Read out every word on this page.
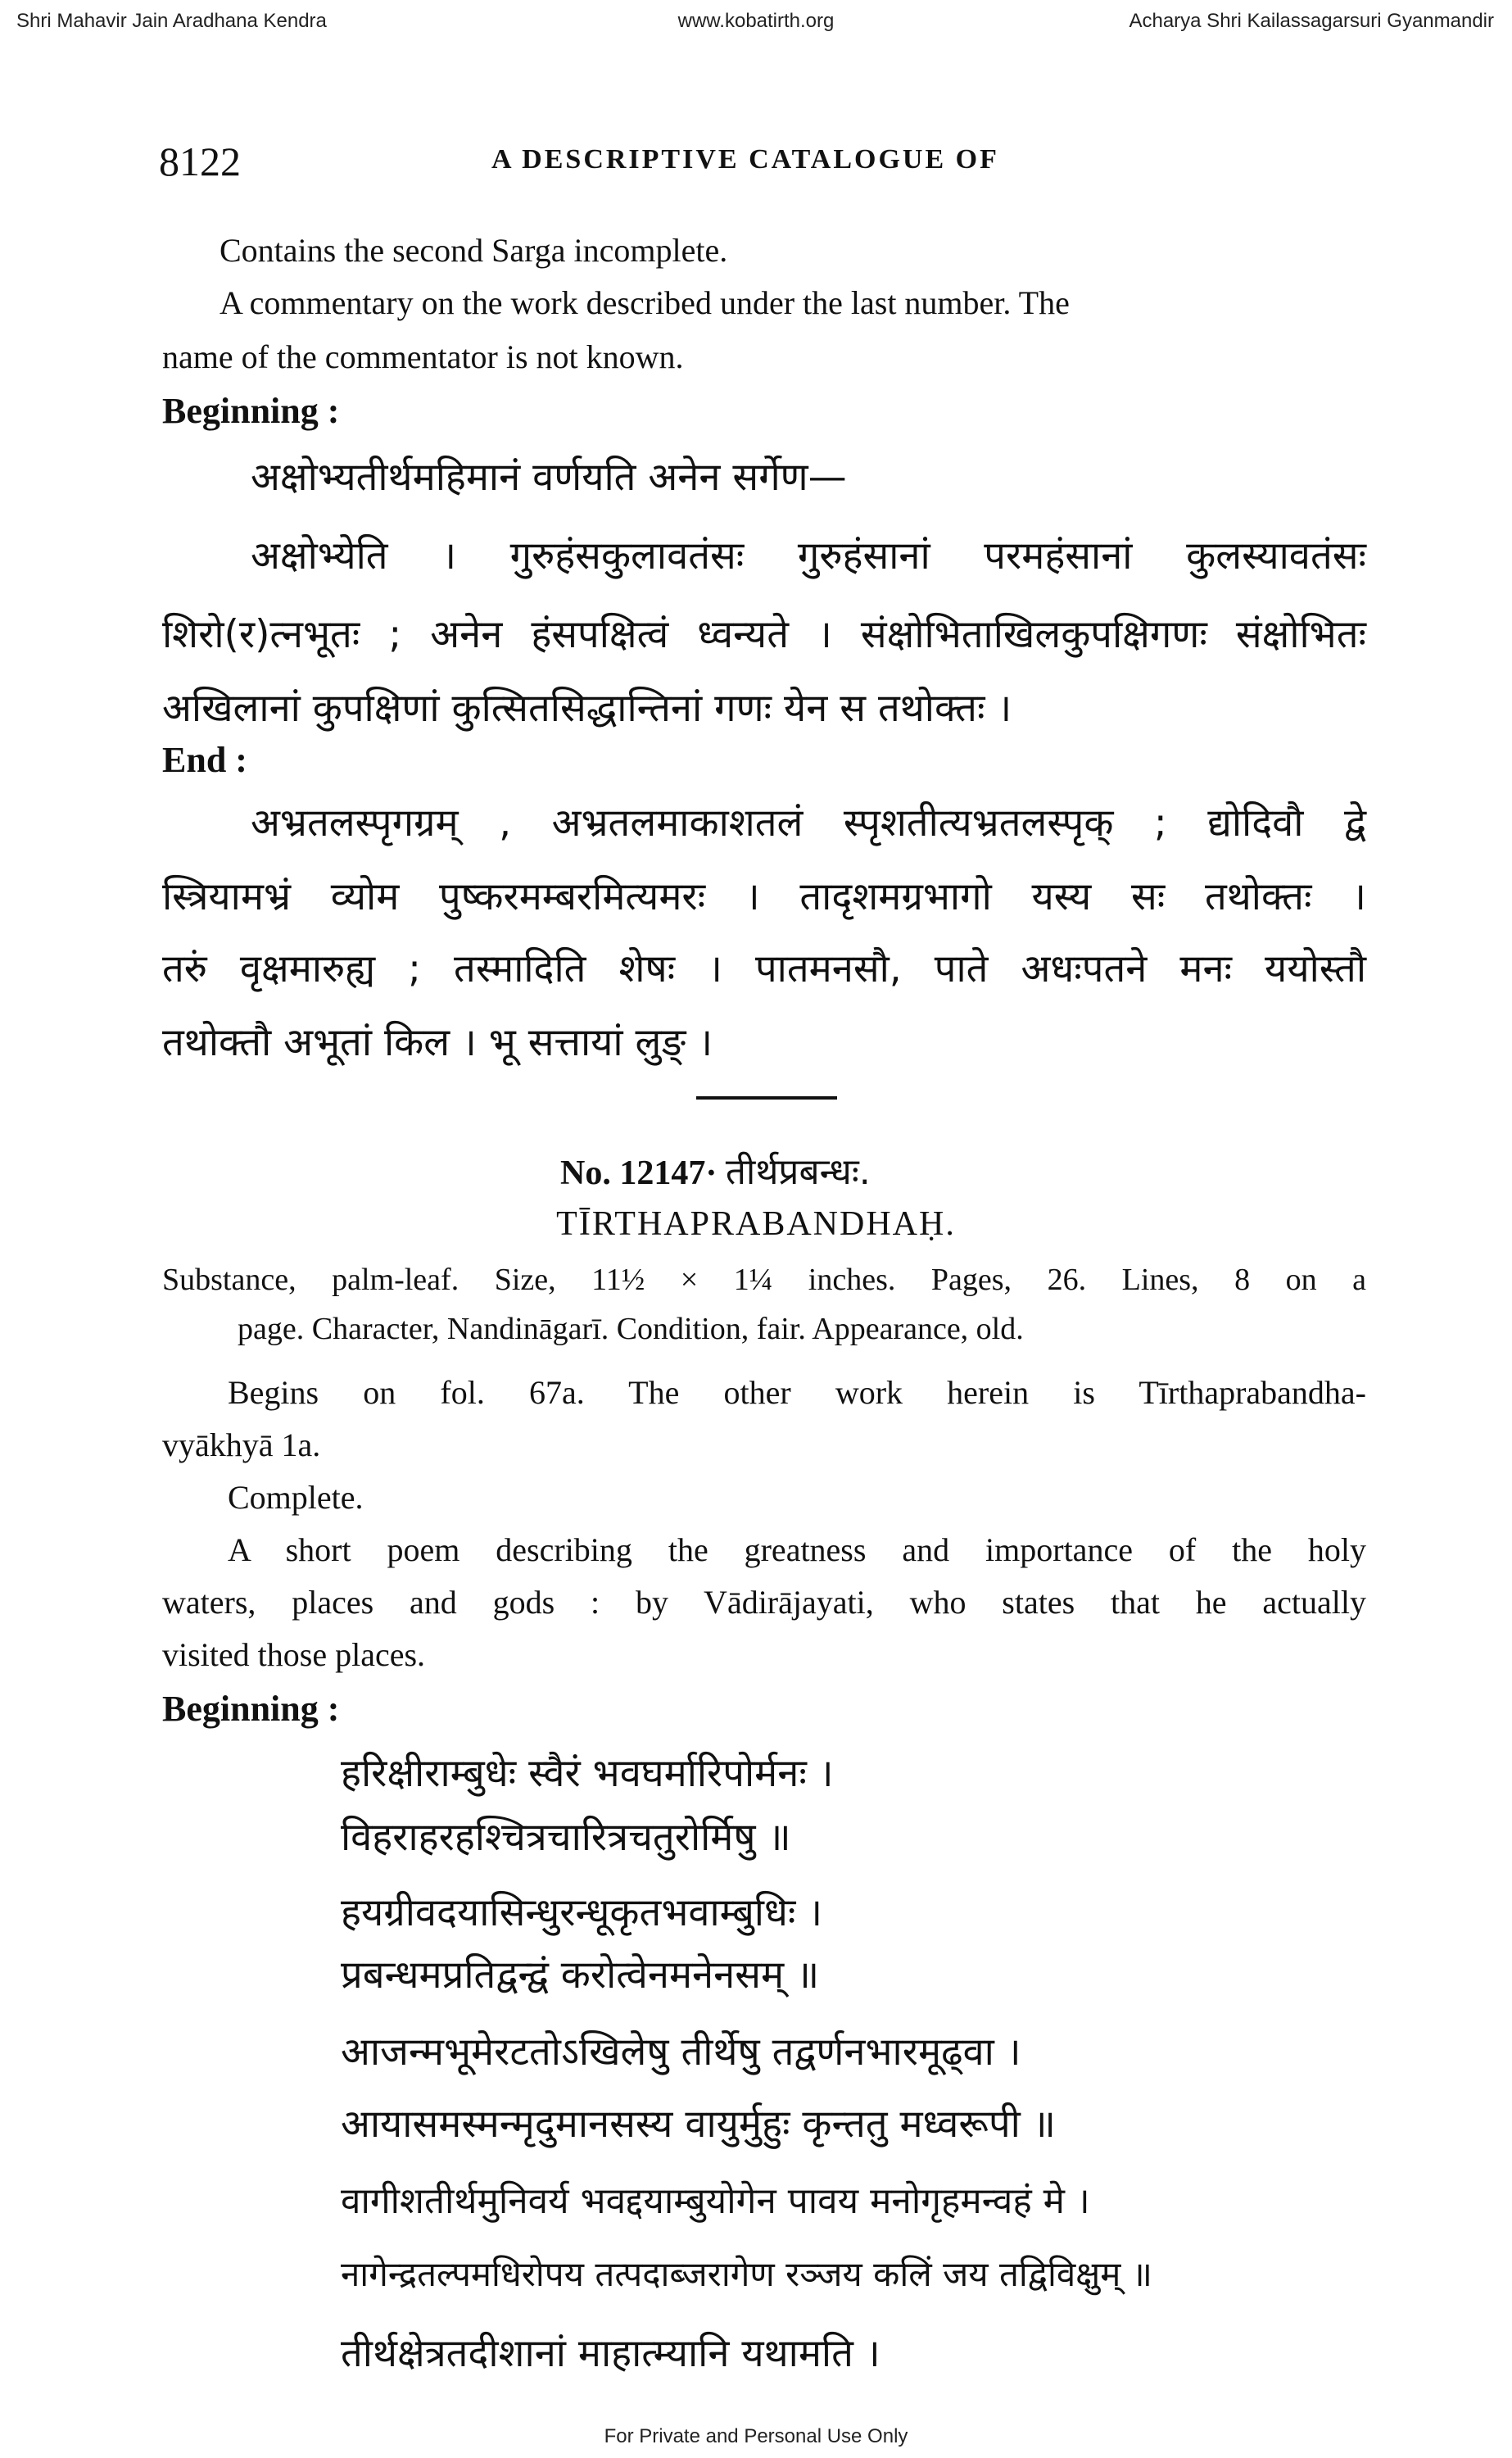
Shri Mahavir Jain Aradhana Kendra	www.kobatirth.org	Acharya Shri Kailassagarsuri Gyanmandir
8122	A DESCRIPTIVE CATALOGUE OF
Contains the second Sarga incomplete.
A commentary on the work described under the last number. The
name of the commentator is not known.
Beginning :
अक्षोभ्यतीर्थमहिमानं वर्णयति अनेन सर्गेण—
अक्षोभ्येति । गुरुहंसकुलावतंसः गुरुहंसानां परमहंसानां कुलस्यावतंसः
शिरो(र)त्नभूतः ; अनेन हंसपक्षित्वं ध्वन्यते । संक्षोभिताखिलकुपक्षिगणः संक्षोभितः
अखिलानां कुपक्षिणां कुत्सितसिद्धान्तिनां गणः येन स तथोक्तः ।
End :
अभ्रतलस्पृगग्रम् , अभ्रतलमाकाशतलं स्पृशतीत्यभ्रतलस्पृक् ; द्योदिवौ द्वे
स्त्रियामभ्रं व्योम पुष्करमम्बरमित्यमरः । तादृशमग्रभागो यस्य सः तथोक्तः ।
तरुं वृक्षमारुह्य ; तस्मादिति शेषः । पातमनसौ, पाते अधःपतने मनः ययोस्तौ
तथोक्तौ अभूतां किल । भू सत्तायां लुङ् ।
No. 12147· तीर्थप्रबन्धः.
TĪRTHAPRABANDHAḤ.
Substance, palm-leaf. Size, 11½ × 1¼ inches. Pages, 26. Lines, 8 on a
page. Character, Nandināgarī. Condition, fair. Appearance, old.
Begins on fol. 67a. The other work herein is Tīrthaprabandha-
vyākhyā 1a.
Complete.
A short poem describing the greatness and importance of the holy
waters, places and gods : by Vādirājayati, who states that he actually
visited those places.
Beginning :
हरिक्षीराम्बुधेः स्वैरं भवघर्मारिपोर्मनः ।
विहराहरहश्चित्रचारित्रचतुरोर्मिषु ॥
हयग्रीवदयासिन्धुरन्धूकृतभवाम्बुधिः ।
प्रबन्धमप्रतिद्वन्द्वं करोत्वेनमनेनसम् ॥
आजन्मभूमेरटतोऽखिलेषु तीर्थेषु तद्वर्णनभारमूढ्वा ।
आयासमस्मन्मृदुमानसस्य वायुर्मुहुः कृन्ततु मध्वरूपी ॥
वागीशतीर्थमुनिवर्य भवद्दयाम्बुयोगेन पावय मनोगृहमन्वहं मे ।
नागेन्द्रतल्पमधिरोपय तत्पदाब्जरागेण रञ्जय कलिं जय तद्विविक्षुम् ॥
तीर्थक्षेत्रतदीशानां माहात्म्यानि यथामति ।
For Private and Personal Use Only
